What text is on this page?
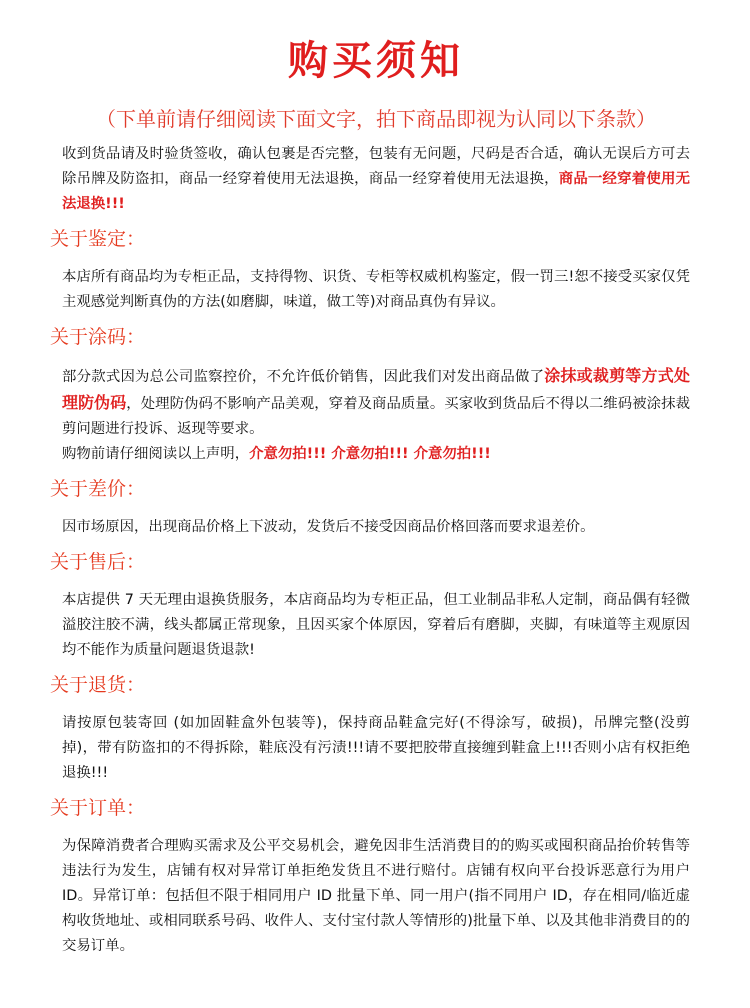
购买须知
（下单前请仔细阅读下面文字，拍下商品即视为认同以下条款）

收到货品请及时验货签收，确认包裹是否完整，包装有无问题，尺码是否合适，确认无误后方可去除吊牌及防盗扣，商品一经穿着使用无法退换，商品一经穿着使用无法退换，商品一经穿着使用无法退换!!!

关于鉴定：

本店所有商品均为专柜正品，支持得物、识货、专柜等权威机构鉴定，假一罚三!恕不接受买家仅凭主观感觉判断真伪的方法(如磨脚，味道，做工等)对商品真伪有异议。

关于涂码：

部分款式因为总公司监察控价，不允许低价销售，因此我们对发出商品做了涂抹或裁剪等方式处理防伪码，处理防伪码不影响产品美观，穿着及商品质量。买家收到货品后不得以二维码被涂抹裁剪问题进行投诉、返现等要求。
购物前请仔细阅读以上声明，介意勿拍!!! 介意勿拍!!! 介意勿拍!!!

关于差价：

因市场原因，出现商品价格上下波动，发货后不接受因商品价格回落而要求退差价。

关于售后：

本店提供 7 天无理由退换货服务，本店商品均为专柜正品，但工业制品非私人定制，商品偶有轻微溢胶注胶不满，线头都属正常现象，且因买家个体原因，穿着后有磨脚，夹脚，有味道等主观原因均不能作为质量问题退货退款!

关于退货：

请按原包装寄回 (如加固鞋盒外包装等)，保持商品鞋盒完好(不得涂写，破损)，吊牌完整(没剪掉)，带有防盗扣的不得拆除，鞋底没有污渍!!!请不要把胶带直接缠到鞋盒上!!!否则小店有权拒绝退换!!!

关于订单：

为保障消费者合理购买需求及公平交易机会，避免因非生活消费目的的购买或囤积商品抬价转售等违法行为发生，店铺有权对异常订单拒绝发货且不进行赔付。店铺有权向平台投诉恶意行为用户 ID。异常订单：包括但不限于相同用户 ID 批量下单、同一用户(指不同用户 ID，存在相同/临近虚构收货地址、或相同联系号码、收件人、支付宝付款人等情形的)批量下单、以及其他非消费目的的交易订单。
